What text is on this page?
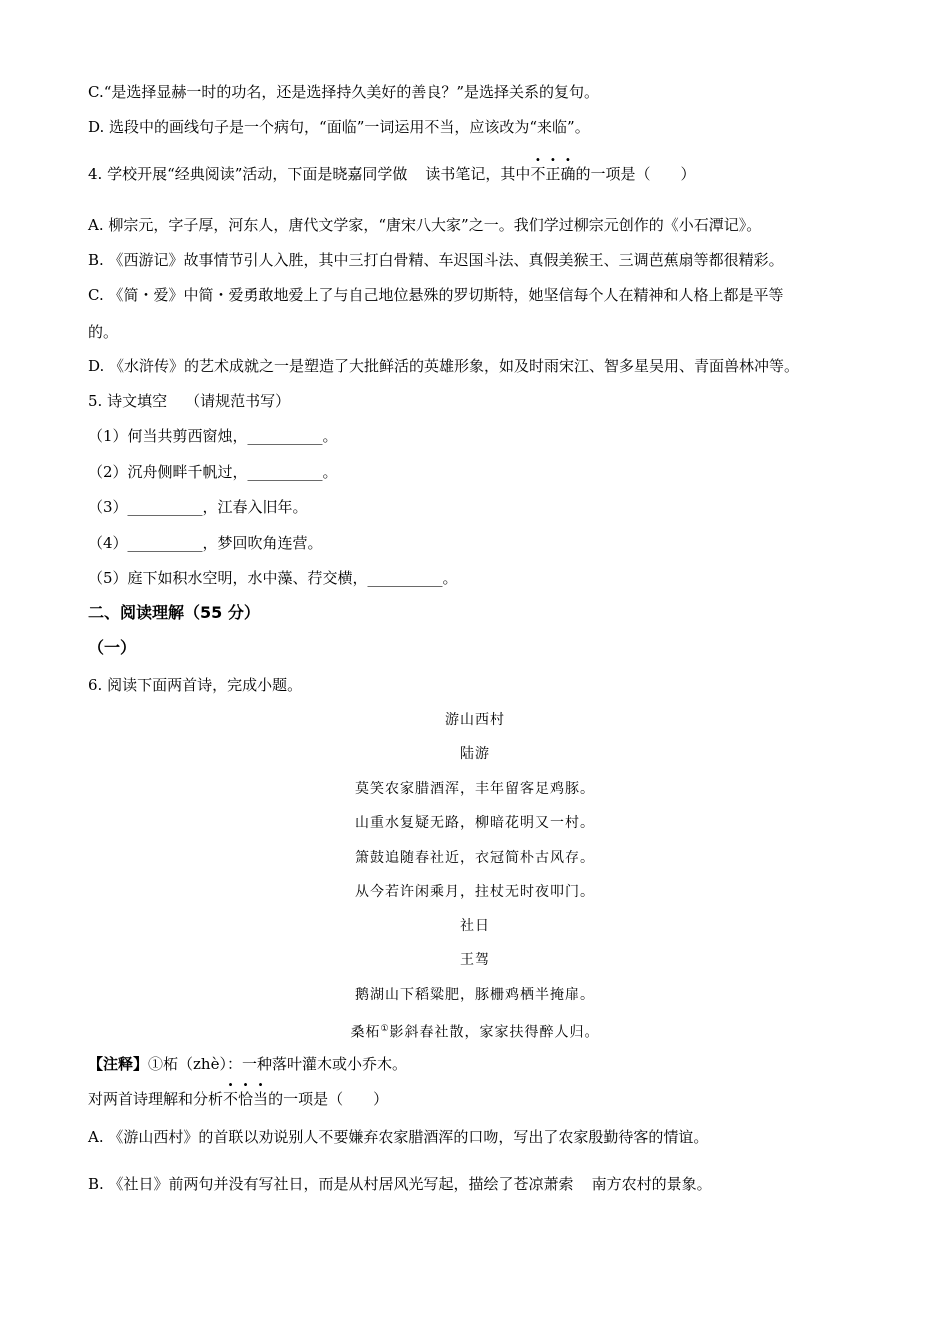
C.“是选择显赫一时的功名，还是选择持久美好的善良？”是选择关系的复句。

D. 选段中的画线句子是一个病句，“面临”一词运用不当，应该改为“来临”。

4. 学校开展“经典阅读”活动，下面是晓嘉同学做 读书笔记，其中不正确的一项是（　　）

A. 柳宗元，字子厚，河东人，唐代文学家，“唐宋八大家”之一。我们学过柳宗元创作的《小石潭记》。

B. 《西游记》故事情节引人入胜，其中三打白骨精、车迟国斗法、真假美猴王、三调芭蕉扇等都很精彩。

C. 《简・爱》中简・爱勇敢地爱上了与自己地位悬殊的罗切斯特，她坚信每个人在精神和人格上都是平等

的。

D. 《水浒传》的艺术成就之一是塑造了大批鲜活的英雄形象，如及时雨宋江、智多星吴用、青面兽林冲等。

5. 诗文填空 （请规范书写）

（1）何当共剪西窗烛，__________。

（2）沉舟侧畔千帆过，__________。

（3）__________，江春入旧年。

（4）__________，梦回吹角连营。

（5）庭下如积水空明，水中藻、荇交横，__________。

二、阅读理解（55 分）

（一）

6. 阅读下面两首诗，完成小题。

游山西村

陆游

莫笑农家腊酒浑，丰年留客足鸡豚。

山重水复疑无路，柳暗花明又一村。

箫鼓追随春社近，衣冠简朴古风存。

从今若许闲乘月，拄杖无时夜叩门。

社日

王驾

鹅湖山下稻粱肥，豚栅鸡栖半掩扉。

桑柘①影斜春社散，家家扶得醉人归。

【注释】①柘（zhè）：一种落叶灌木或小乔木。

对两首诗理解和分析不恰当的一项是（　　）

A. 《游山西村》的首联以劝说别人不要嫌弃农家腊酒浑的口吻，写出了农家殷勤待客的情谊。

B. 《社日》前两句并没有写社日，而是从村居风光写起，描绘了苍凉萧索 南方农村的景象。
